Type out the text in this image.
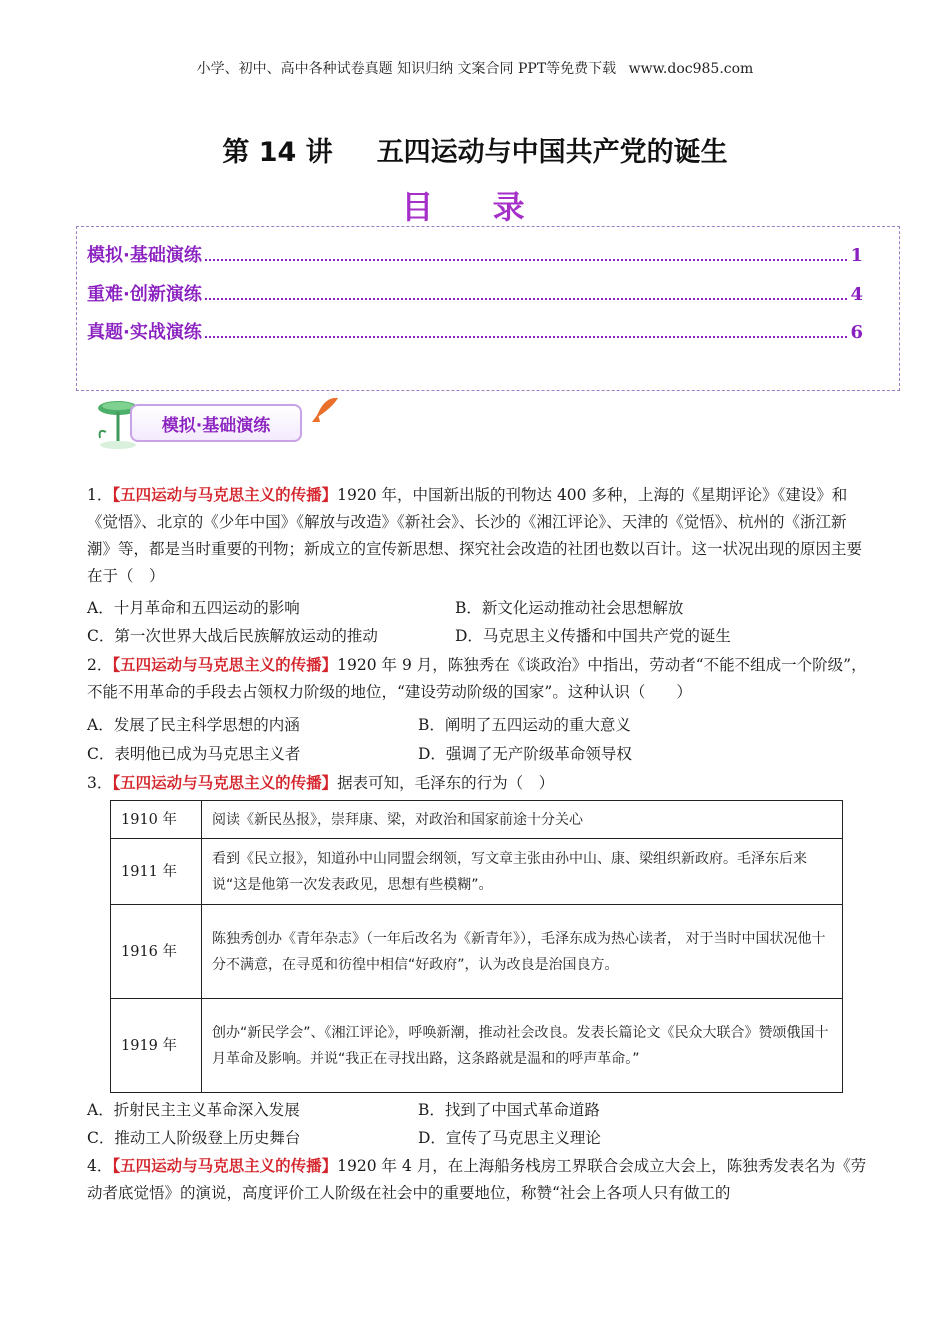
小学、初中、高中各种试卷真题 知识归纳 文案合同 PPT等免费下载 www.doc985.com
第 14 讲 五四运动与中国共产党的诞生
目 录
模拟·基础演练	1
重难·创新演练	4
真题·实战演练	6
模拟·基础演练
1．【五四运动与马克思主义的传播】1920 年，中国新出版的刊物达 400 多种，上海的《星期评论》《建设》和《觉悟》、北京的《少年中国》《解放与改造》《新社会》、长沙的《湘江评论》、天津的《觉悟》、杭州的《浙江新潮》等，都是当时重要的刊物；新成立的宣传新思想、探究社会改造的社团也数以百计。这一状况出现的原因主要在于（　）
A．十月革命和五四运动的影响	B．新文化运动推动社会思想解放
C．第一次世界大战后民族解放运动的推动	D．马克思主义传播和中国共产党的诞生
2．【五四运动与马克思主义的传播】1920 年 9 月，陈独秀在《谈政治》中指出，劳动者“不能不组成一个阶级”，不能不用革命的手段去占领权力阶级的地位，“建设劳动阶级的国家”。这种认识（　　）
A．发展了民主科学思想的内涵	B．阐明了五四运动的重大意义
C．表明他已成为马克思主义者	D．强调了无产阶级革命领导权
3．【五四运动与马克思主义的传播】据表可知，毛泽东的行为（　）
1910 年	阅读《新民丛报》，崇拜康、梁，对政治和国家前途十分关心
1911 年	看到《民立报》，知道孙中山同盟会纲领，写文章主张由孙中山、康、梁组织新政府。毛泽东后来说“这是他第一次发表政见，思想有些模糊”。
1916 年	陈独秀创办《青年杂志》（一年后改名为《新青年》），毛泽东成为热心读者， 对于当时中国状况他十分不满意，在寻觅和彷徨中相信“好政府”，认为改良是治国良方。
1919 年	创办“新民学会”、《湘江评论》，呼唤新潮，推动社会改良。发表长篇论文《民众大联合》赞颂俄国十月革命及影响。并说“我正在寻找出路，这条路就是温和的呼声革命。”
A．折射民主主义革命深入发展	B．找到了中国式革命道路
C．推动工人阶级登上历史舞台	D．宣传了马克思主义理论
4．【五四运动与马克思主义的传播】1920 年 4 月，在上海船务栈房工界联合会成立大会上，陈独秀发表名为《劳动者底觉悟》的演说，高度评价工人阶级在社会中的重要地位，称赞“社会上各项人只有做工的
